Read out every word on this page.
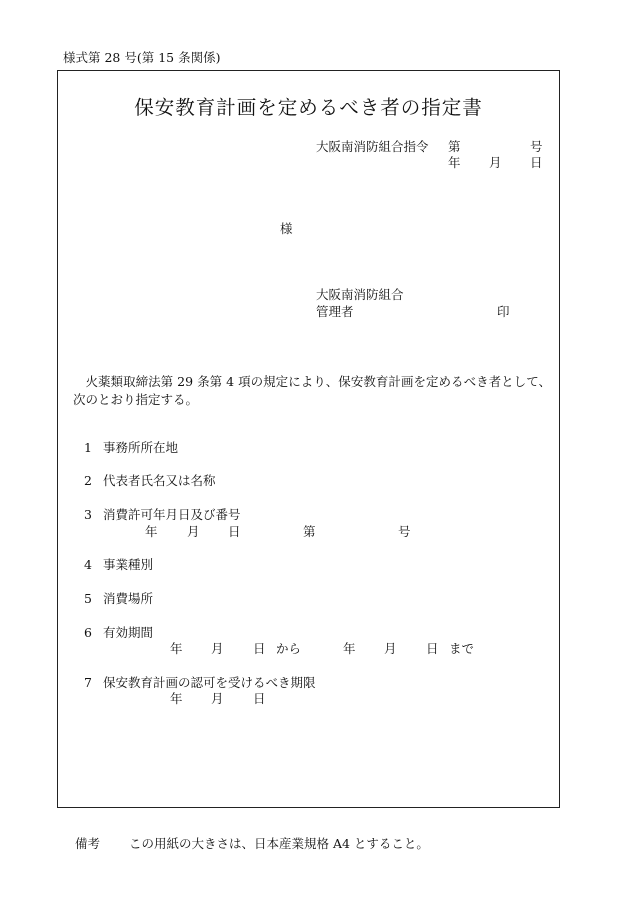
様式第 28 号(第 15 条関係)
保安教育計画を定めるべき者の指定書
大阪南消防組合指令 第	号
年 月 日
様
大阪南消防組合
管理者	印
火薬類取締法第 29 条第 4 項の規定により、保安教育計画を定めるべき者として、次のとおり指定する。
1 事務所所在地
2 代表者氏名又は名称
3 消費許可年月日及び番号
年 月 日	第	号
4 事業種別
5 消費場所
6 有効期間
年 月 日 から	年 月 日 まで
7 保安教育計画の認可を受けるべき期限
年 月 日
備考 この用紙の大きさは、日本産業規格 A4 とすること。
